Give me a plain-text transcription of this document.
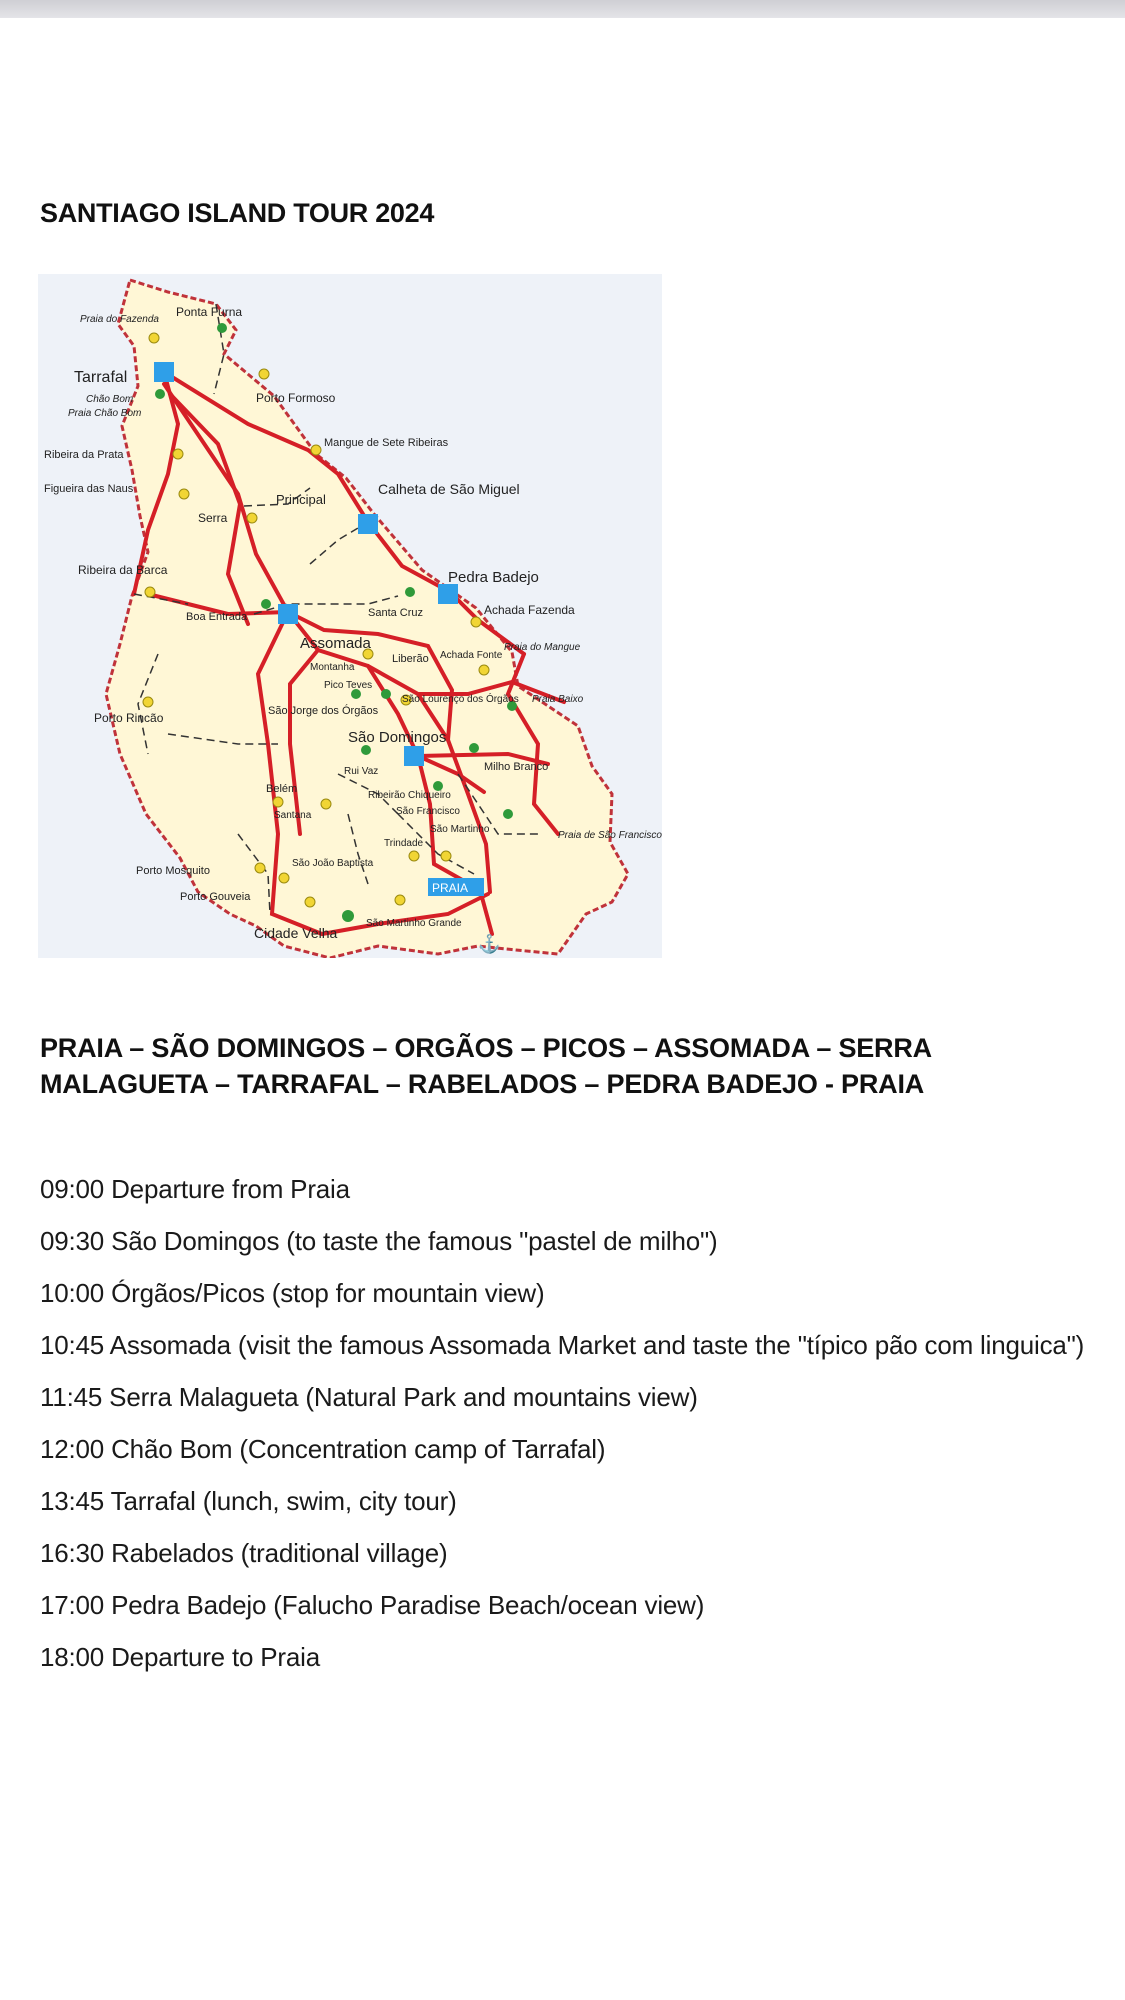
SANTIAGO ISLAND TOUR 2024
⚓
Praia do Fazenda
Ponta Furna
Tarrafal
Chão Bom
Praia Chão Bom
Porto Formoso
Mangue de Sete Ribeiras
Ribeira da Prata
Figueira das Naus
Principal
Calheta de São Miguel
Serra
Ribeira da Barca	Pedra Badejo
Boa Entrada	Santa Cruz	Achada Fazenda
Assomada
Liberão
Praia do Mangue
Achada Fonte
Montanha
Pico Teves
São Lourenço dos Órgãos Praia Baixo
Porto Rincão	São Jorge dos Órgãos
São Domingos
Rui Vaz	Milho Branco
Belém
Ribeirão Chiqueiro
São Francisco
Santana
São Martinho
Praia de São Francisco
Trindade
Porto Mosquito
São João Baptista
Porto Gouveia
PRAIA
Cidade Velha
São Martinho Grande
PRAIA – SÃO DOMINGOS – ORGÃOS – PICOS – ASSOMADA – SERRA MALAGUETA – TARRAFAL – RABELADOS – PEDRA BADEJO - PRAIA
09:00 Departure from Praia
09:30 São Domingos (to taste the famous "pastel de milho")
10:00 Órgãos/Picos (stop for mountain view)
10:45 Assomada (visit the famous Assomada Market and taste the "típico pão com linguica")
11:45 Serra Malagueta (Natural Park and mountains view)
12:00 Chão Bom (Concentration camp of Tarrafal)
13:45 Tarrafal (lunch, swim, city tour)
16:30 Rabelados (traditional village)
17:00 Pedra Badejo (Falucho Paradise Beach/ocean view)
18:00 Departure to Praia
